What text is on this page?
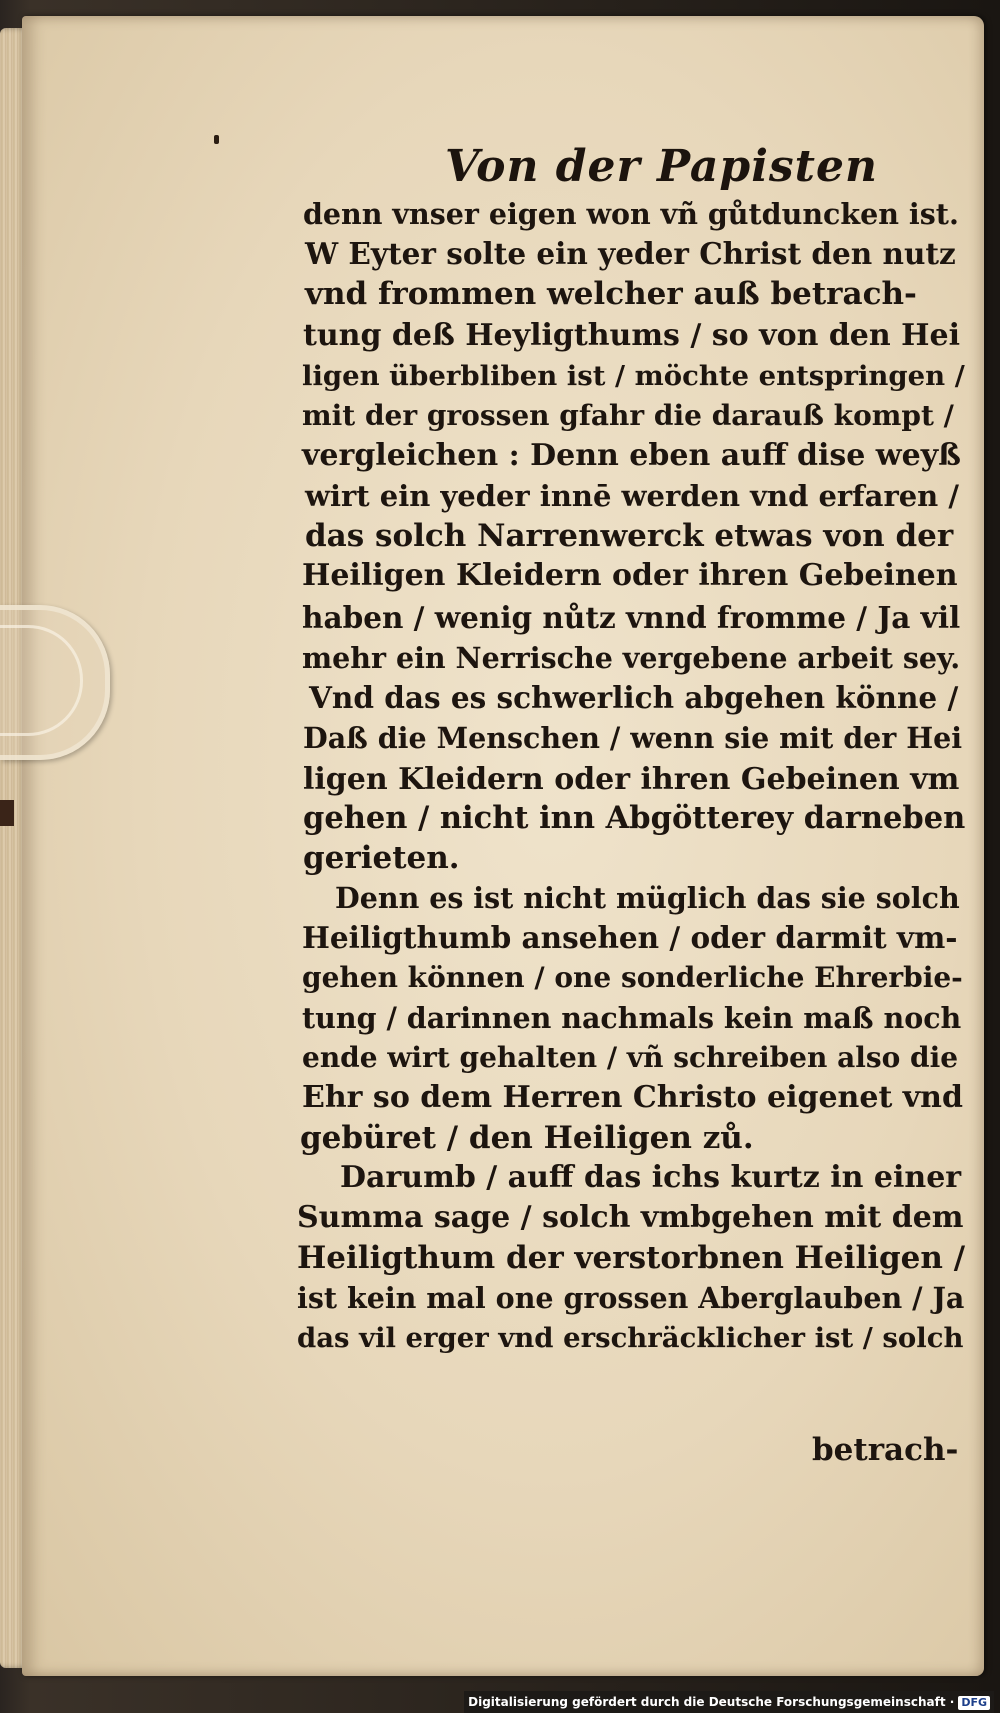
Von der Papisten
denn vnser eigen won vñ gůtduncken ist.
W Eyter solte ein yeder Christ den nutz
vnd frommen welcher auß betrach-
tung deß Heyligthums / so von den Hei
ligen überbliben ist / möchte entspringen /
mit der grossen gfahr die darauß kompt /
vergleichen : Denn eben auff dise weyß
wirt ein yeder innē werden vnd erfaren /
das solch Narrenwerck etwas von der
Heiligen Kleidern oder ihren Gebeinen
haben / wenig nůtz vnnd fromme / Ja vil
mehr ein Nerrische vergebene arbeit sey.
Vnd das es schwerlich abgehen könne /
Daß die Menschen / wenn sie mit der Hei
ligen Kleidern oder ihren Gebeinen vm
gehen / nicht inn Abgötterey darneben
gerieten.
Denn es ist nicht müglich das sie solch
Heiligthumb ansehen / oder darmit vm-
gehen können / one sonderliche Ehrerbie-
tung / darinnen nachmals kein maß noch
ende wirt gehalten / vñ schreiben also die
Ehr so dem Herren Christo eigenet vnd
gebüret / den Heiligen zů.
Darumb / auff das ichs kurtz in einer
Summa sage / solch vmbgehen mit dem
Heiligthum der verstorbnen Heiligen /
ist kein mal one grossen Aberglauben / Ja
das vil erger vnd erschräcklicher ist / solch
betrach-
Digitalisierung gefördert durch die Deutsche Forschungsgemeinschaft · DFG
